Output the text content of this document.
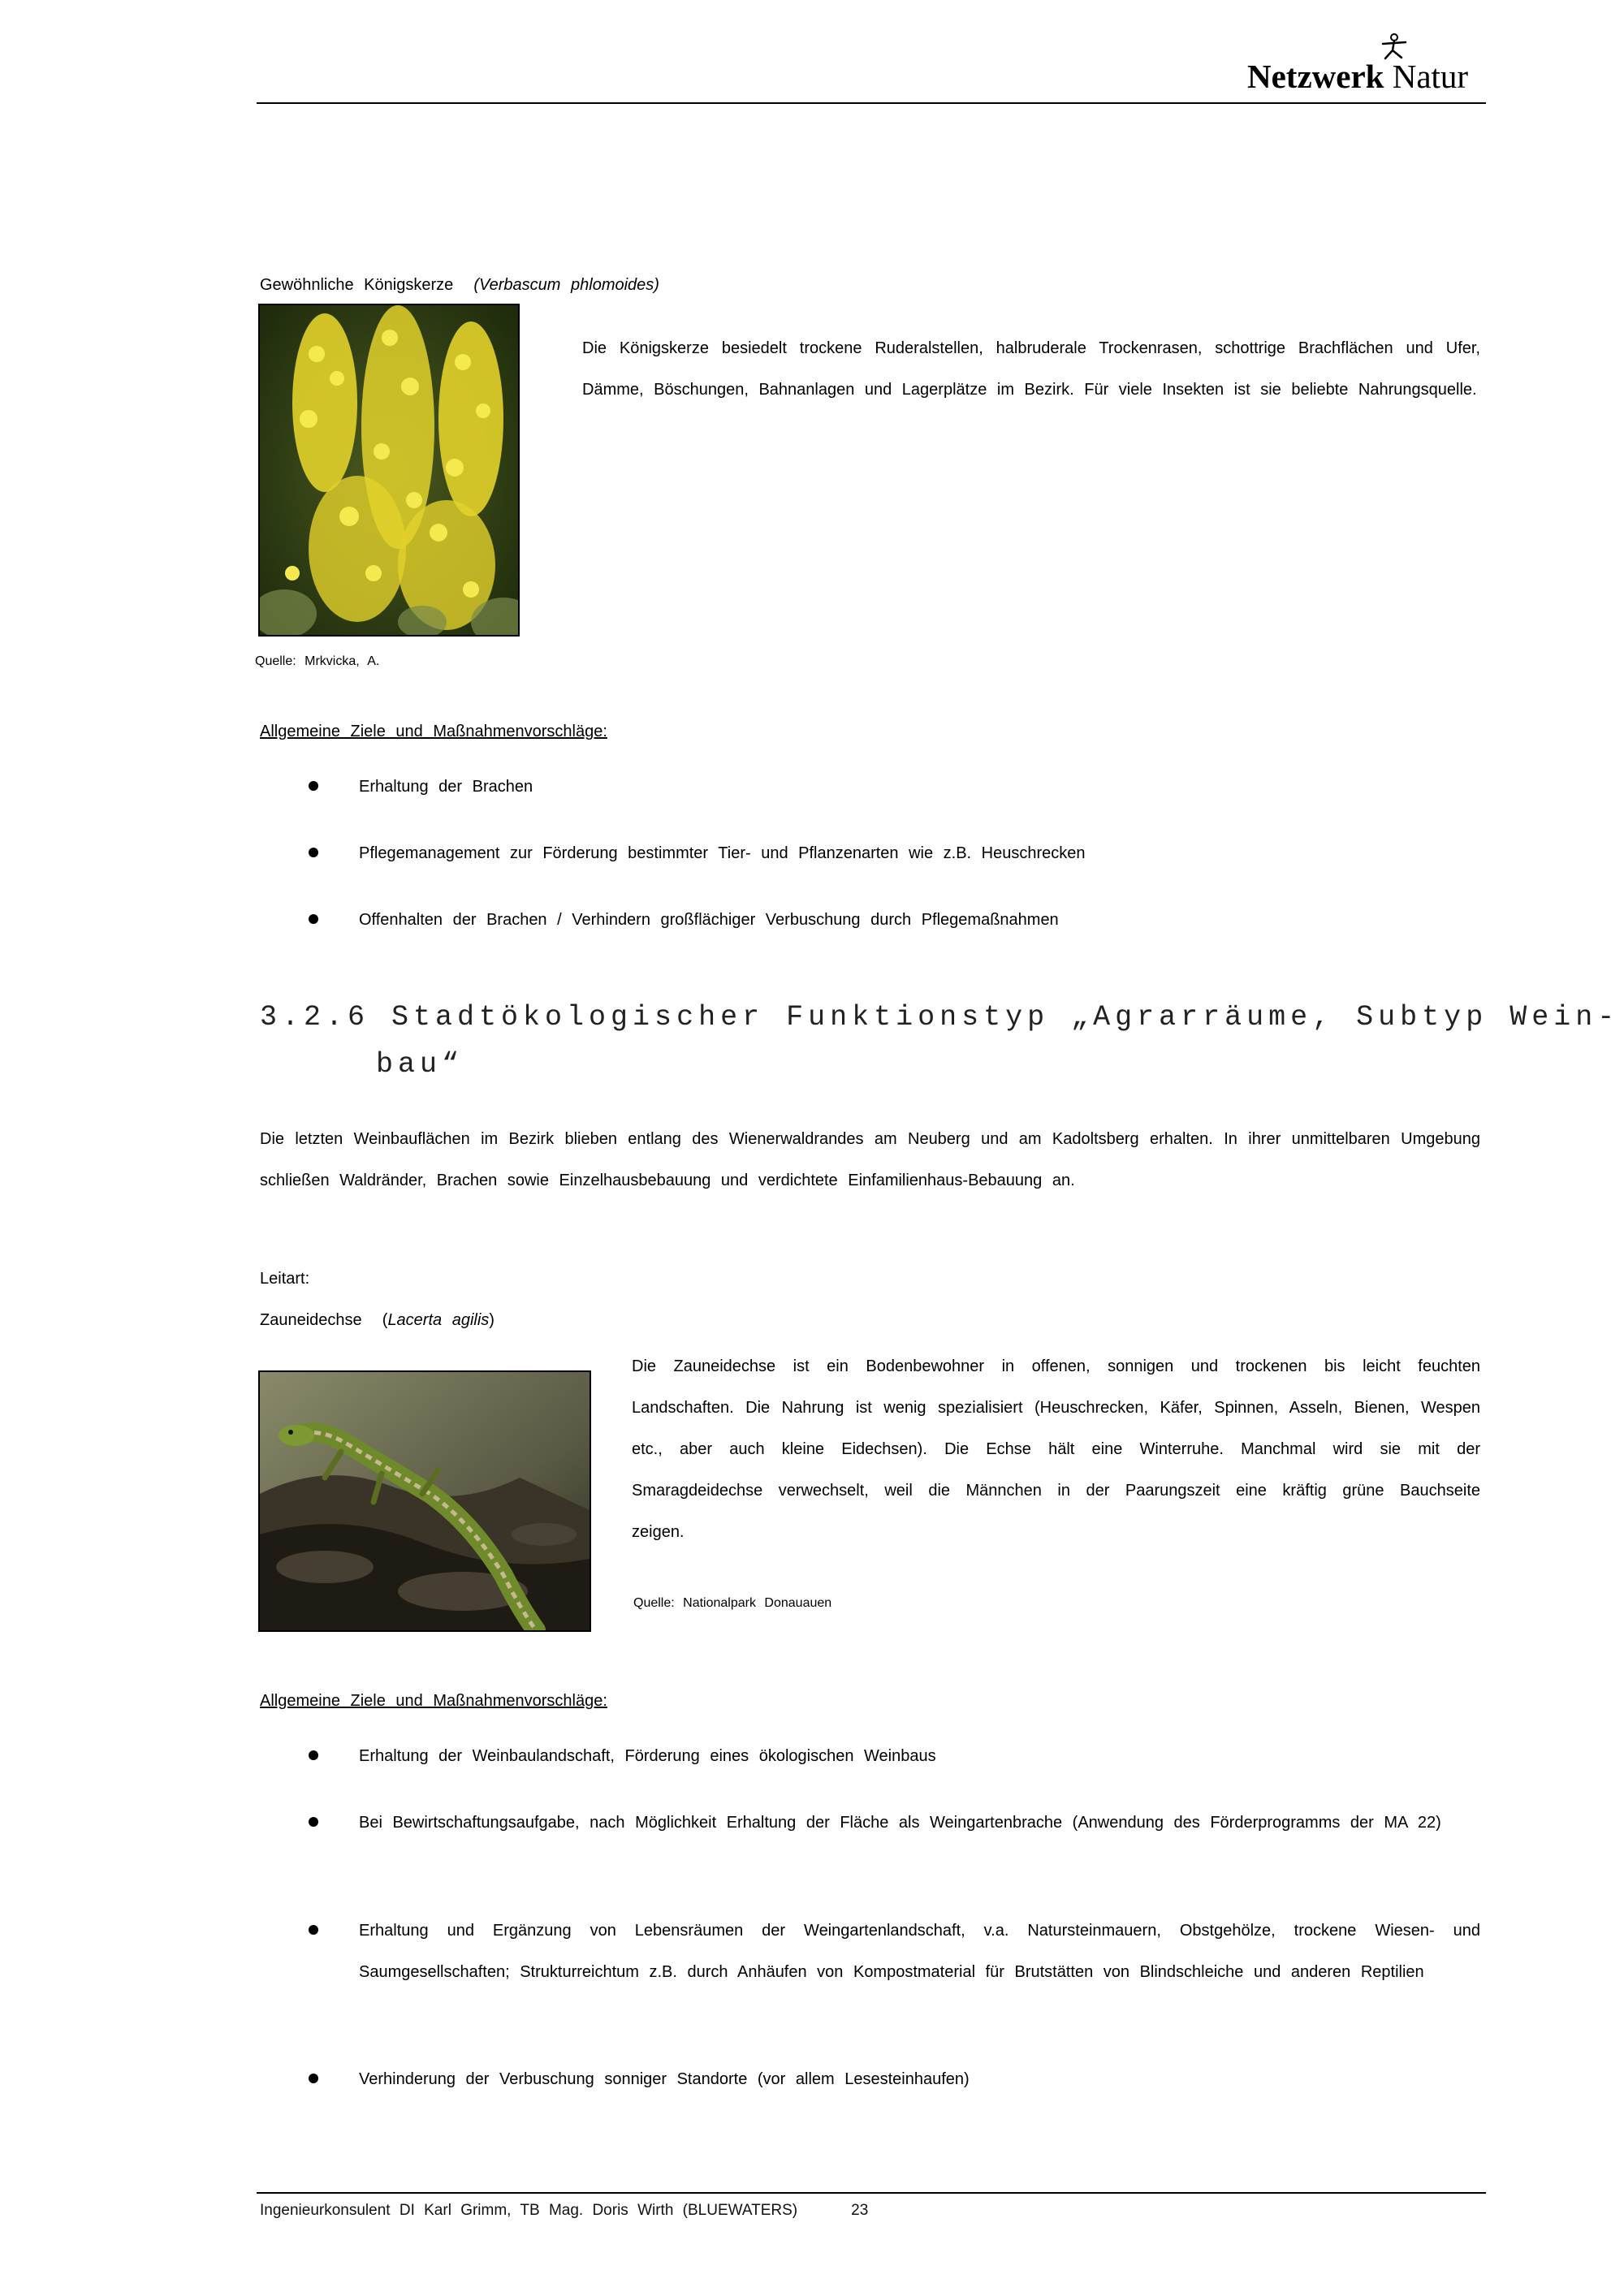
Netzwerk Natur
Gewöhnliche Königskerze (Verbascum phlomoides)
Die Königskerze besiedelt trockene Ruderalstellen, halbruderale Trockenrasen, schottrige Brachflächen und Ufer, Dämme, Böschungen, Bahnanlagen und Lagerplätze im Bezirk. Für viele Insekten ist sie beliebte Nahrungsquelle.
Quelle: Mrkvicka, A.
Allgemeine Ziele und Maßnahmenvorschläge:
Erhaltung der Brachen
Pflegemanagement zur Förderung bestimmter Tier- und Pflanzenarten wie z.B. Heuschrecken
Offenhalten der Brachen / Verhindern großflächiger Verbuschung durch Pflegemaßnahmen
3.2.6 Stadtökologischer Funktionstyp „Agrarräume, Subtyp Wein-
bau“
Die letzten Weinbauflächen im Bezirk blieben entlang des Wienerwaldrandes am Neuberg und am Kadoltsberg erhalten. In ihrer unmittelbaren Umgebung schließen Waldränder, Brachen sowie Einzelhausbebauung und verdichtete Einfamilienhaus-Bebauung an.
Leitart:
Zauneidechse  (Lacerta agilis)
Die Zauneidechse ist ein Bodenbewohner in offenen, sonnigen und trockenen bis leicht feuchten Landschaften. Die Nahrung ist wenig spezialisiert (Heuschrecken, Käfer, Spinnen, Asseln, Bienen, Wespen etc., aber auch kleine Eidechsen). Die Echse hält eine Winterruhe. Manchmal wird sie mit der Smaragdeidechse verwechselt, weil die Männchen in der Paarungszeit eine kräftig grüne Bauchseite zeigen.
Quelle: Nationalpark Donauauen
Allgemeine Ziele und Maßnahmenvorschläge:
Erhaltung der Weinbaulandschaft, Förderung eines ökologischen Weinbaus
Bei Bewirtschaftungsaufgabe, nach Möglichkeit Erhaltung der Fläche als Weingartenbrache (Anwendung des Förderprogramms der MA 22)
Erhaltung und Ergänzung von Lebensräumen der Weingartenlandschaft, v.a. Natursteinmauern, Obstgehölze, trockene Wiesen- und Saumgesellschaften; Strukturreichtum z.B. durch Anhäufen von Kompostmaterial für Brutstätten von Blindschleiche und anderen Reptilien
Verhinderung der Verbuschung sonniger Standorte (vor allem Lesesteinhaufen)
Ingenieurkonsulent DI Karl Grimm, TB Mag. Doris Wirth (BLUEWATERS)	23
